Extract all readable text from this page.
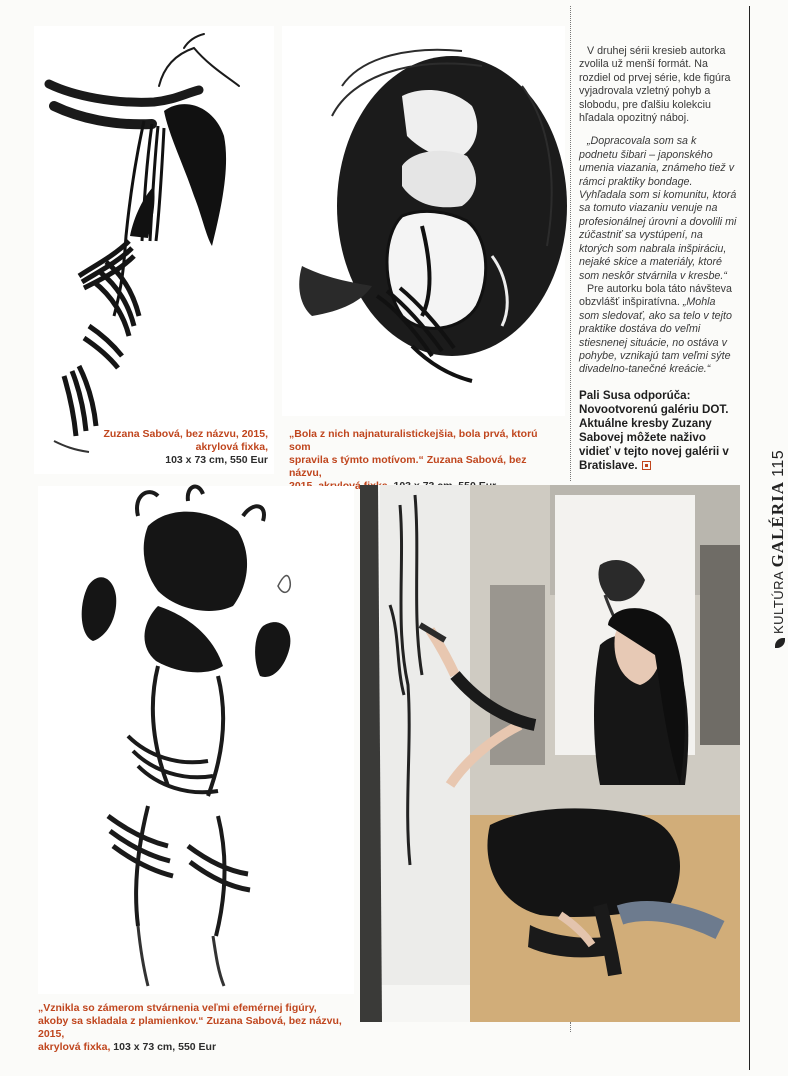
Zuzana Sabová, bez názvu, 2015,
akrylová fixka,
103 x 73 cm, 550 Eur
„Bola z nich najnaturalistickejšia, bola prvá, ktorú som
spravila s týmto motívom.“ Zuzana Sabová, bez názvu,
„Vznikla so zámerom stvárnenia veľmi efemérnej figúry,
akoby sa skladala z plamienkov.“ Zuzana Sabová, bez názvu, 2015,
akrylová fixka, 103 x 73 cm, 550 Eur

V druhej sérii kresieb autorka zvolila už menší formát. Na rozdiel od prvej série, kde figúra vyjadrovala vzletný pohyb a slobodu, pre ďalšiu kolekciu hľadala opozitný náboj.

„Dopracovala som sa k podnetu šibari – japonského umenia viazania, známeho tiež v rámci praktiky bondage. Vyhľadala som si komunitu, ktorá sa tomuto viazaniu venuje na profesionálnej úrovni a dovolili mi zúčastniť sa vystúpení, na ktorých som nabrala inšpiráciu, nejaké skice a materiály, ktoré som neskôr stvárnila v kresbe.“

Pre autorku bola táto návšteva obzvlášť inšpiratívna. „Mohla som sledovať, ako sa telo v tejto praktike dostáva do veľmi stiesnenej situácie, no ostáva v pohybe, vznikajú tam veľmi sýte divadelno-tanečné kreácie.“

Pali Susa odporúča: Novootvorenú galériu DOT. Aktuálne kresby Zuzany Sabovej môžete naživo vidieť v tejto novej galérii v Bratislave.

KULTÚRA GALÉRIA 115
